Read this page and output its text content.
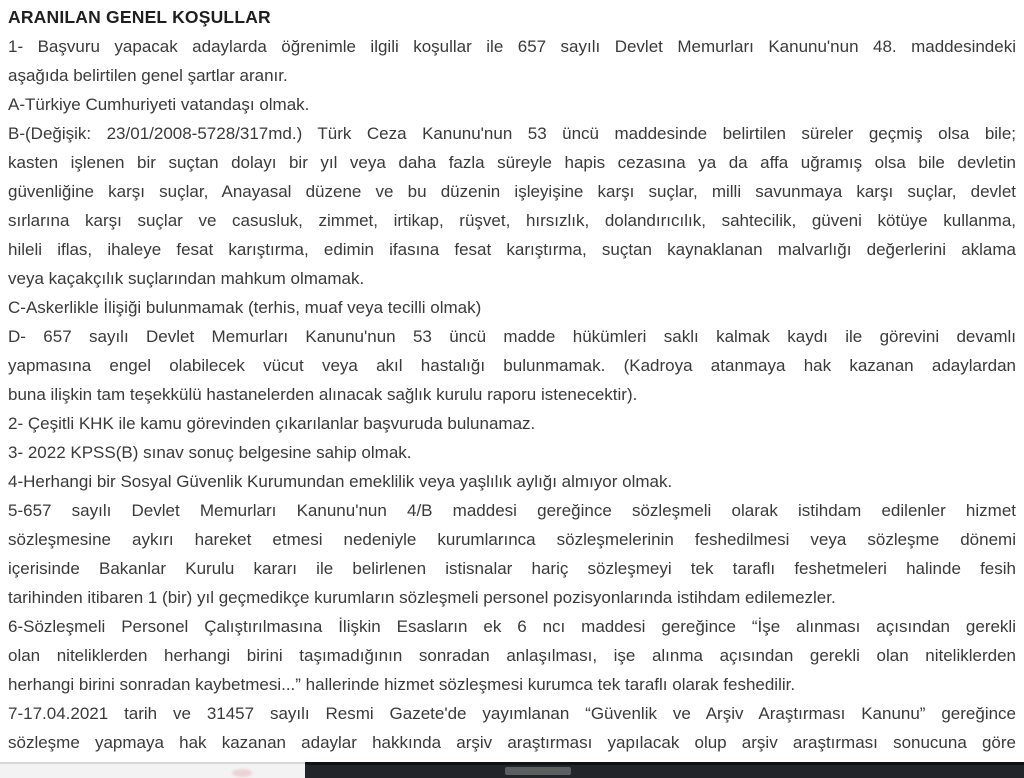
ARANILAN GENEL KOŞULLAR
1- Başvuru yapacak adaylarda öğrenimle ilgili koşullar ile 657 sayılı Devlet Memurları Kanunu'nun 48. maddesindeki
aşağıda belirtilen genel şartlar aranır.
A-Türkiye Cumhuriyeti vatandaşı olmak.
B-(Değişik: 23/01/2008-5728/317md.) Türk Ceza Kanunu'nun 53 üncü maddesinde belirtilen süreler geçmiş olsa bile;
kasten işlenen bir suçtan dolayı bir yıl veya daha fazla süreyle hapis cezasına ya da affa uğramış olsa bile devletin
güvenliğine karşı suçlar, Anayasal düzene ve bu düzenin işleyişine karşı suçlar, milli savunmaya karşı suçlar, devlet
sırlarına karşı suçlar ve casusluk, zimmet, irtikap, rüşvet, hırsızlık, dolandırıcılık, sahtecilik, güveni kötüye kullanma,
hileli iflas, ihaleye fesat karıştırma, edimin ifasına fesat karıştırma, suçtan kaynaklanan malvarlığı değerlerini aklama
veya kaçakçılık suçlarından mahkum olmamak.
C-Askerlikle İlişiği bulunmamak (terhis, muaf veya tecilli olmak)
D- 657 sayılı Devlet Memurları Kanunu'nun 53 üncü madde hükümleri saklı kalmak kaydı ile görevini devamlı
yapmasına engel olabilecek vücut veya akıl hastalığı bulunmamak. (Kadroya atanmaya hak kazanan adaylardan
buna ilişkin tam teşekkülü hastanelerden alınacak sağlık kurulu raporu istenecektir).
2- Çeşitli KHK ile kamu görevinden çıkarılanlar başvuruda bulunamaz.
3- 2022 KPSS(B) sınav sonuç belgesine sahip olmak.
4-Herhangi bir Sosyal Güvenlik Kurumundan emeklilik veya yaşlılık aylığı almıyor olmak.
5-657 sayılı Devlet Memurları Kanunu'nun 4/B maddesi gereğince sözleşmeli olarak istihdam edilenler hizmet
sözleşmesine aykırı hareket etmesi nedeniyle kurumlarınca sözleşmelerinin feshedilmesi veya sözleşme dönemi
içerisinde Bakanlar Kurulu kararı ile belirlenen istisnalar hariç sözleşmeyi tek taraflı feshetmeleri halinde fesih
tarihinden itibaren 1 (bir) yıl geçmedikçe kurumların sözleşmeli personel pozisyonlarında istihdam edilemezler.
6-Sözleşmeli Personel Çalıştırılmasına İlişkin Esasların ek 6 ncı maddesi gereğince “İşe alınması açısından gerekli
olan niteliklerden herhangi birini taşımadığının sonradan anlaşılması, işe alınma açısından gerekli olan niteliklerden
herhangi birini sonradan kaybetmesi...” hallerinde hizmet sözleşmesi kurumca tek taraflı olarak feshedilir.
7-17.04.2021 tarih ve 31457 sayılı Resmi Gazete'de yayımlanan “Güvenlik ve Arşiv Araştırması Kanunu” gereğince
sözleşme yapmaya hak kazanan adaylar hakkında arşiv araştırması yapılacak olup arşiv araştırması sonucuna göre
